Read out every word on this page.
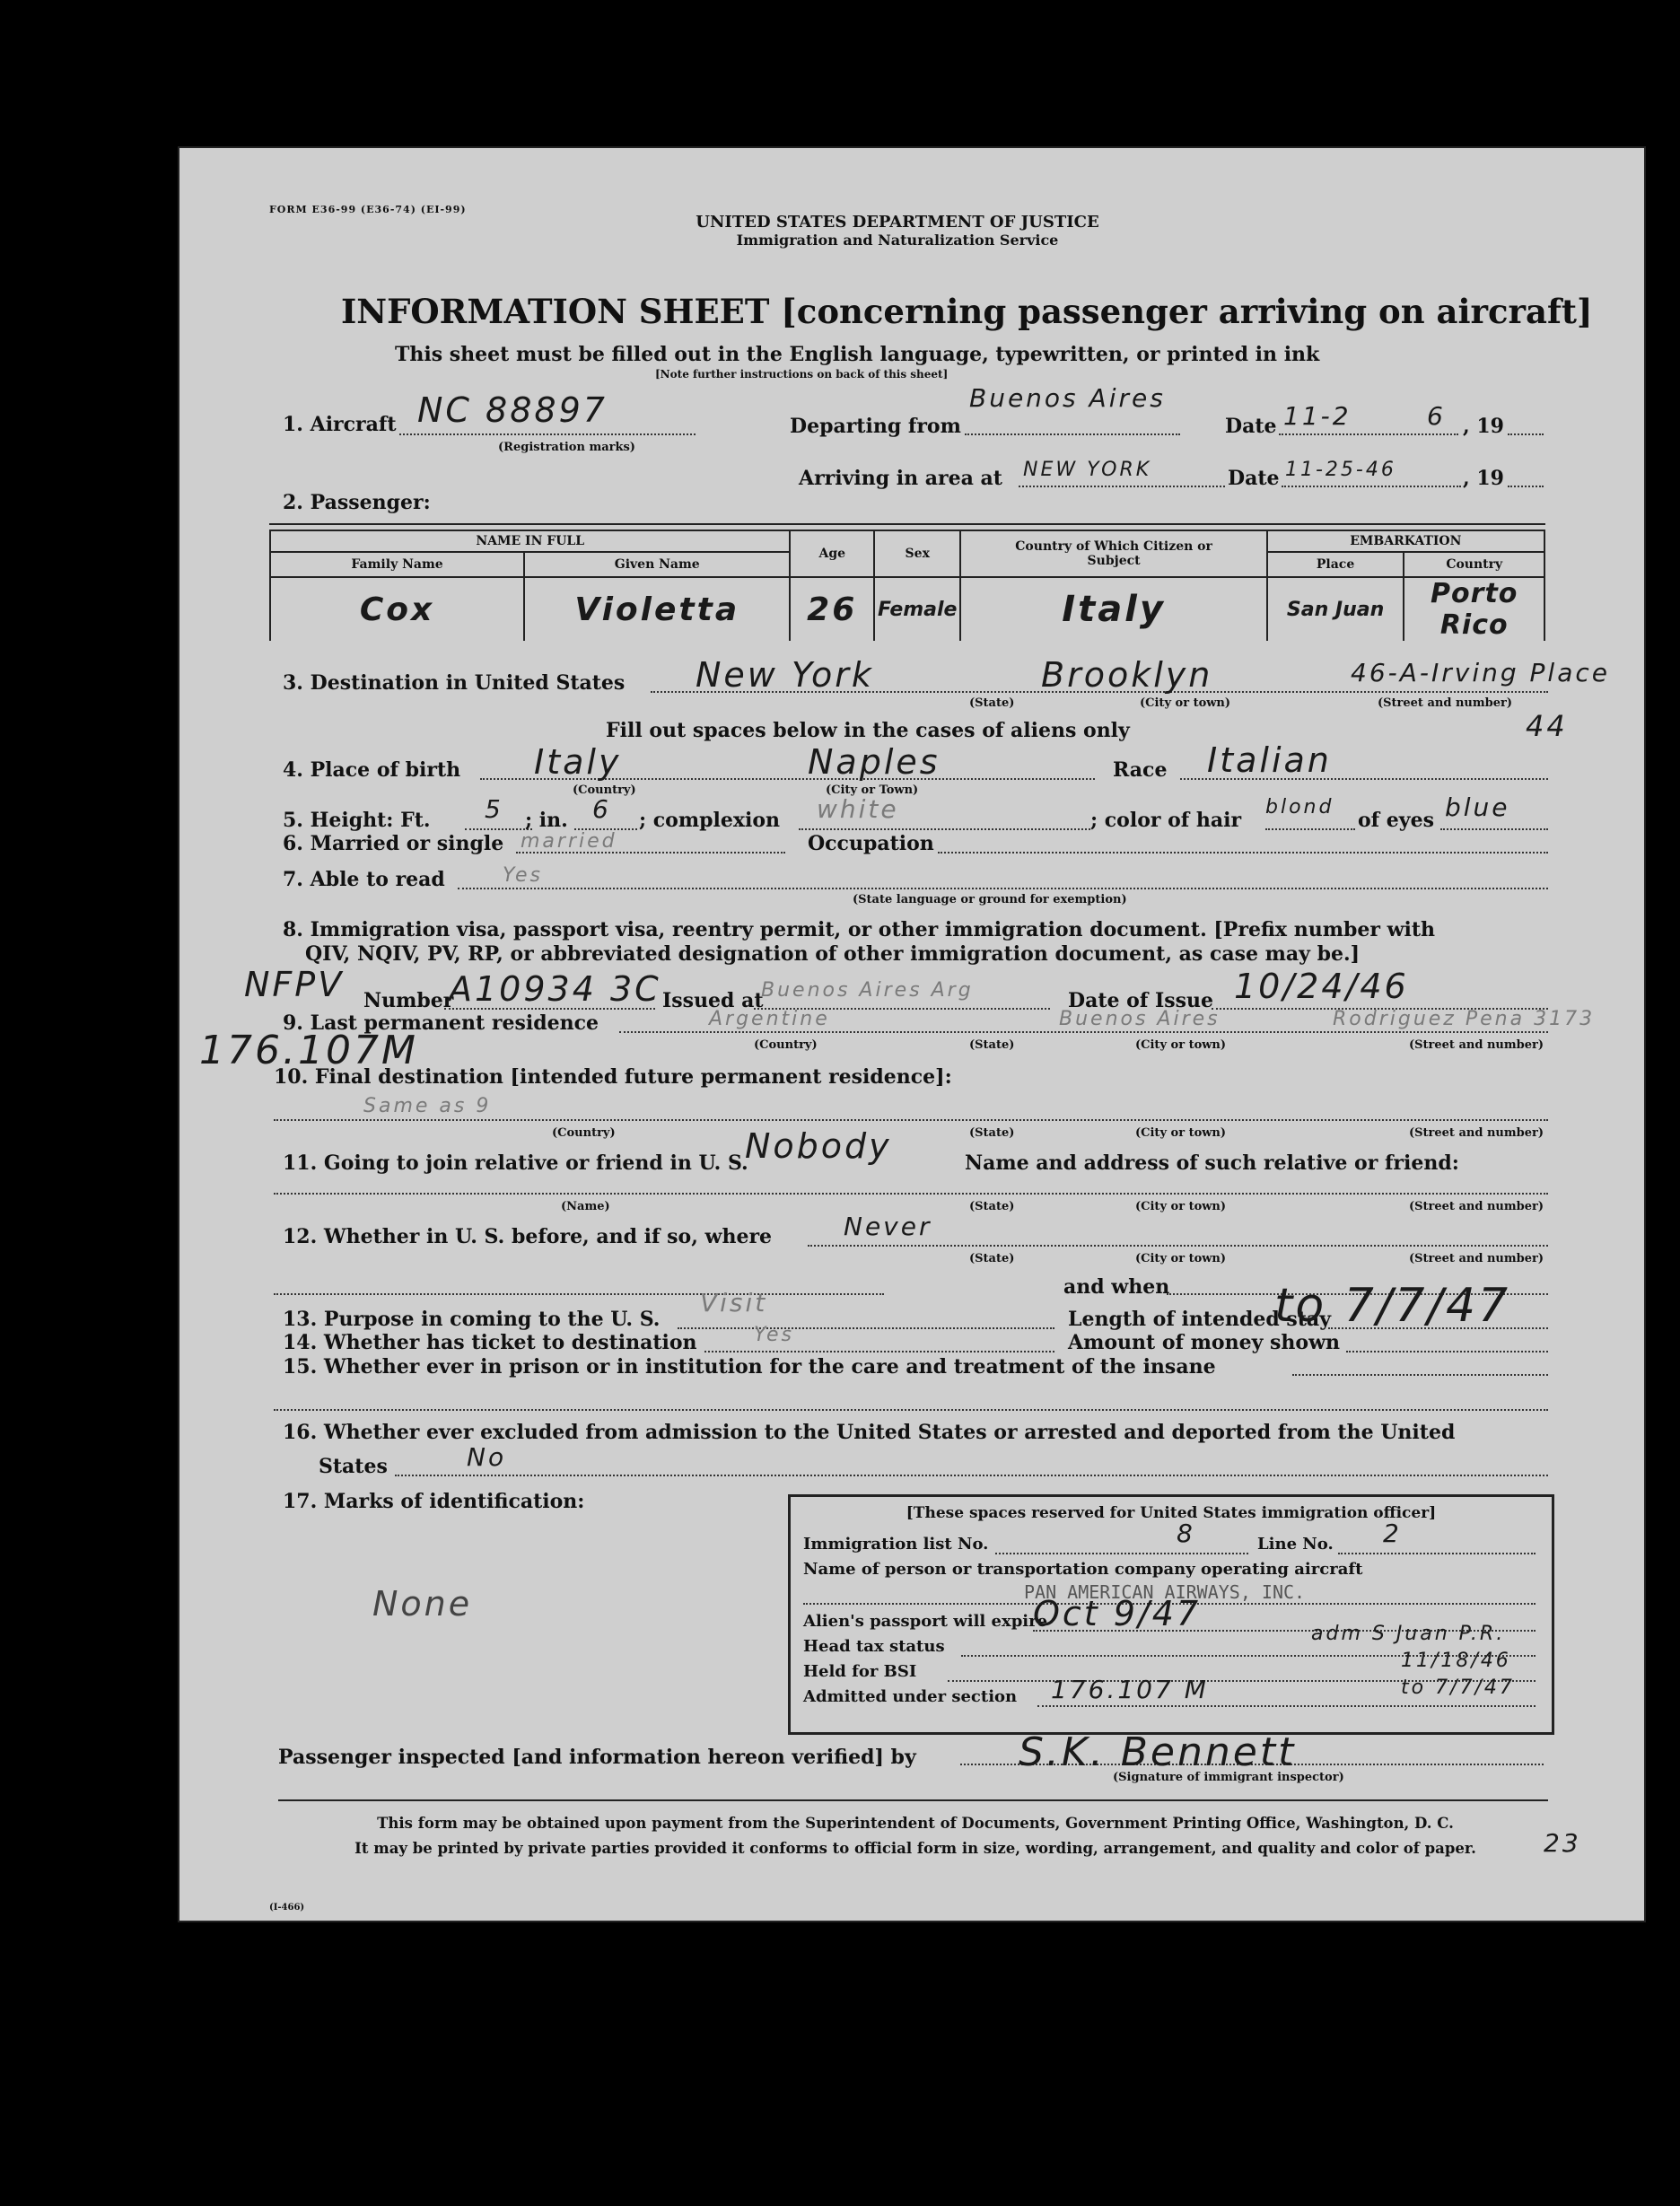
FORM E36-99 (E36-74) (EI-99)
UNITED STATES DEPARTMENT OF JUSTICE
Immigration and Naturalization Service
INFORMATION SHEET [concerning passenger arriving on aircraft]
This sheet must be filled out in the English language, typewritten, or printed in ink
[Note further instructions on back of this sheet]
1. Aircraft NC 88897
(Registration marks)
Departing from
Buenos Aires
Date 11-2	6 , 19
Arriving in area at NEW YORK	Date 11-25-46	, 19
2. Passenger:
NAME IN FULL		Age	Sex	Country of Which Citizen or Subject	EMBARKATION	
Family Name	Given Name				Place	Country
Cox	Violetta	26	Female	Italy	San Juan	Porto Rico
3. Destination in United States New York	Brooklyn	46-A-Irving Place
(State)	(City or town)	(Street and number)
Fill out spaces below in the cases of aliens only	44
4. Place of birth Italy	Naples
(Country)	(City or Town)
Race Italian
5. Height: Ft. 5 ; in. 6 ; complexion white	; color of hair
blond
of eyes blue
6. Married or single married	Occupation
7. Able to read	Yes
(State language or ground for exemption)
8. Immigration visa, passport visa, reentry permit, or other immigration document. [Prefix number with
QIV, NQIV, PV, RP, or abbreviated designation of other immigration document, as case may be.]
NFPV Number
A10934 3C Issued at
Buenos Aires Arg	Date of Issue 10/24/46
9. Last permanent residence	Argentine	Buenos Aires	Rodriguez Pena 3173
(Country)	(State)	(City or town)	(Street and number)
176.107M
10. Final destination [intended future permanent residence]:
Same as 9
(Country)	(State)	(City or town)	(Street and number)
11. Going to join relative or friend in U. S.
Nobody	Name and address of such relative or friend:
(Name)	(State)	(City or town)	(Street and number)
12. Whether in U. S. before, and if so, where	Never
(State)	(City or town)	(Street and number)
and when
13. Purpose in coming to the U. S.
Visit
Length of intended stay
to 7/7/47
14. Whether has ticket to destination	Yes	Amount of money shown
15. Whether ever in prison or in institution for the care and treatment of the insane
16. Whether ever excluded from admission to the United States or arrested and deported from the United
States	No
17. Marks of identification:
None
[These spaces reserved for United States immigration officer]
Immigration list No.	8	Line No. 2
Name of person or transportation company operating aircraft
PAN AMERICAN AIRWAYS, INC.
Alien's passport will expire
Oct 9/47
Head tax status
adm S Juan P.R.
Held for BSI	11/18/46
Admitted under section 176.107 M	to 7/7/47
Passenger inspected [and information hereon verified] by	S.K. Bennett
(Signature of immigrant inspector)
This form may be obtained upon payment from the Superintendent of Documents, Government Printing Office, Washington, D. C.
It may be printed by private parties provided it conforms to official form in size, wording, arrangement, and quality and color of paper.	23
(I-466)
